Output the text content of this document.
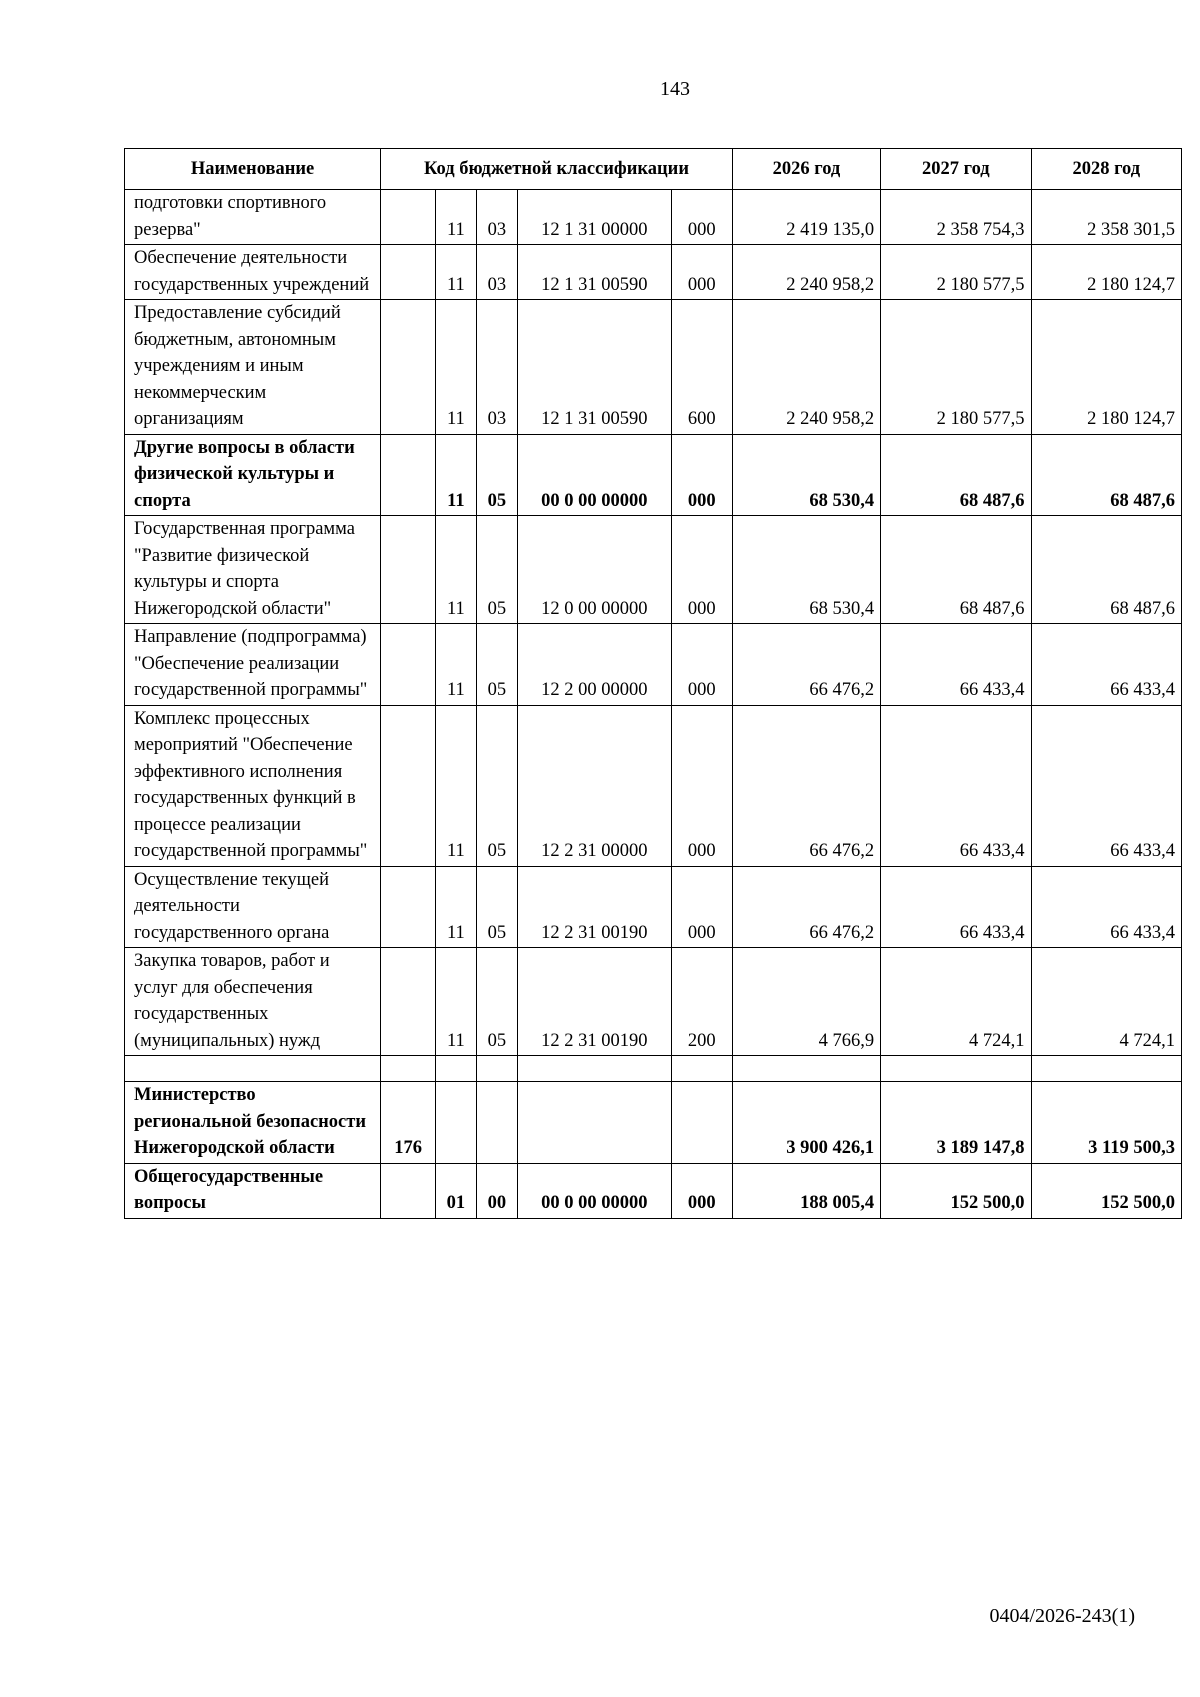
143
Наименование	Код бюджетной классификации					2026 год	2027 год	2028 год
подготовки спортивного резерва"		11	03	12 1 31 00000	000	2 419 135,0	2 358 754,3	2 358 301,5
Обеспечение деятельности государственных учреждений		11	03	12 1 31 00590	000	2 240 958,2	2 180 577,5	2 180 124,7
Предоставление субсидий бюджетным, автономным учреждениям и иным некоммерческим организациям		11	03	12 1 31 00590	600	2 240 958,2	2 180 577,5	2 180 124,7
Другие вопросы в области физической культуры и спорта		11	05	00 0 00 00000	000	68 530,4	68 487,6	68 487,6
Государственная программа "Развитие физической культуры и спорта Нижегородской области"		11	05	12 0 00 00000	000	68 530,4	68 487,6	68 487,6
Направление (подпрограмма) "Обеспечение реализации государственной программы"		11	05	12 2 00 00000	000	66 476,2	66 433,4	66 433,4
Комплекс процессных мероприятий "Обеспечение эффективного исполнения государственных функций в процессе реализации государственной программы"		11	05	12 2 31 00000	000	66 476,2	66 433,4	66 433,4
Осуществление текущей деятельности государственного органа		11	05	12 2 31 00190	000	66 476,2	66 433,4	66 433,4
Закупка товаров, работ и услуг для обеспечения государственных (муниципальных) нужд		11	05	12 2 31 00190	200	4 766,9	4 724,1	4 724,1

Министерство региональной безопасности Нижегородской области	176					3 900 426,1	3 189 147,8	3 119 500,3
Общегосударственные вопросы		01	00	00 0 00 00000	000	188 005,4	152 500,0	152 500,0
0404/2026-243(1)
